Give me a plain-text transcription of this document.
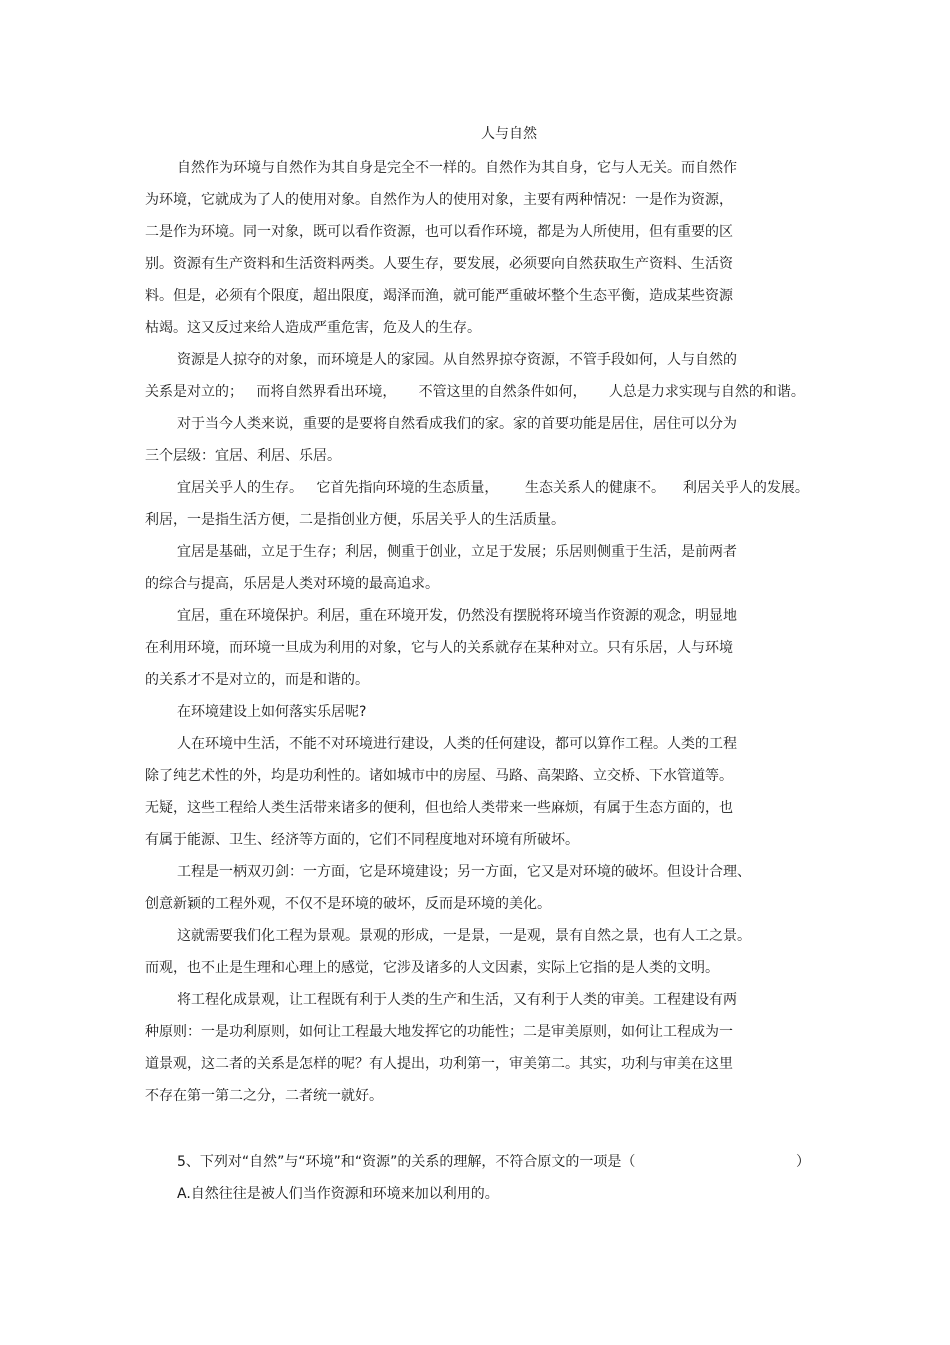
人与自然
自然作为环境与自然作为其自身是完全不一样的。自然作为其自身，它与人无关。而自然作
为环境，它就成为了人的使用对象。自然作为人的使用对象，主要有两种情况：一是作为资源，
二是作为环境。同一对象，既可以看作资源，也可以看作环境，都是为人所使用，但有重要的区
别。资源有生产资料和生活资料两类。人要生存，要发展，必须要向自然获取生产资料、生活资
料。但是，必须有个限度，超出限度，竭泽而渔，就可能严重破坏整个生态平衡，造成某些资源
枯竭。这又反过来给人造成严重危害，危及人的生存。
资源是人掠夺的对象，而环境是人的家园。从自然界掠夺资源，不管手段如何，人与自然的
关系是对立的；   而将自然界看出环境，     不管这里的自然条件如何，     人总是力求实现与自然的和谐。
对于当今人类来说，重要的是要将自然看成我们的家。家的首要功能是居住，居住可以分为
三个层级：宜居、利居、乐居。
宜居关乎人的生存。   它首先指向环境的生态质量，      生态关系人的健康不。    利居关乎人的发展。
利居，一是指生活方便，二是指创业方便，乐居关乎人的生活质量。
宜居是基础，立足于生存；利居，侧重于创业，立足于发展；乐居则侧重于生活，是前两者
的综合与提高，乐居是人类对环境的最高追求。
宜居，重在环境保护。利居，重在环境开发，仍然没有摆脱将环境当作资源的观念，明显地
在利用环境，而环境一旦成为利用的对象，它与人的关系就存在某种对立。只有乐居，人与环境
的关系才不是对立的，而是和谐的。
在环境建设上如何落实乐居呢?
人在环境中生活，不能不对环境进行建设，人类的任何建设，都可以算作工程。人类的工程
除了纯艺术性的外，均是功利性的。诸如城市中的房屋、马路、高架路、立交桥、下水管道等。
无疑，这些工程给人类生活带来诸多的便利，但也给人类带来一些麻烦，有属于生态方面的，也
有属于能源、卫生、经济等方面的，它们不同程度地对环境有所破坏。
工程是一柄双刃剑：一方面，它是环境建设；另一方面，它又是对环境的破坏。但设计合理、
创意新颖的工程外观，不仅不是环境的破坏，反而是环境的美化。
这就需要我们化工程为景观。景观的形成，一是景，一是观，景有自然之景，也有人工之景。
而观，也不止是生理和心理上的感觉，它涉及诸多的人文因素，实际上它指的是人类的文明。
将工程化成景观，让工程既有利于人类的生产和生活，又有利于人类的审美。工程建设有两
种原则：一是功利原则，如何让工程最大地发挥它的功能性；二是审美原则，如何让工程成为一
道景观，这二者的关系是怎样的呢？有人提出，功利第一，审美第二。其实，功利与审美在这里
不存在第一第二之分，二者统一就好。
5、下列对“自然”与“环境”和“资源”的关系的理解，不符合原文的一项是（	）
A.自然往往是被人们当作资源和环境来加以利用的。
